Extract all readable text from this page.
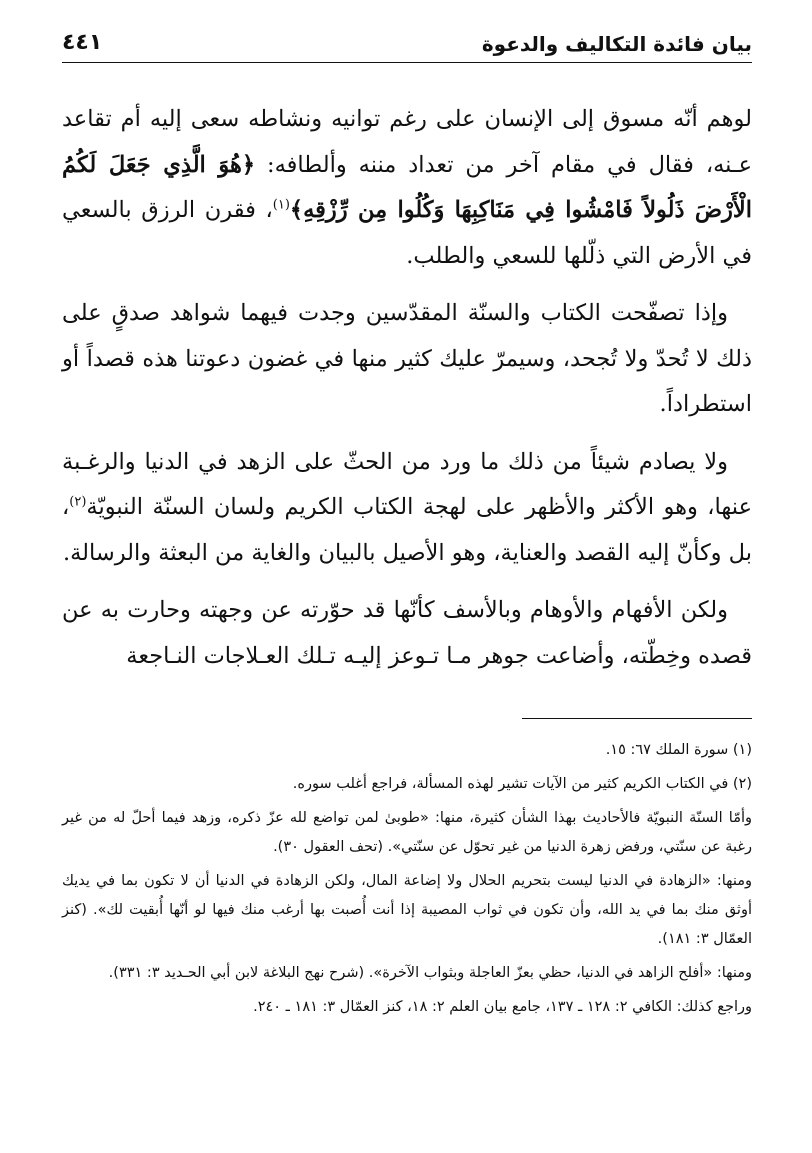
بيان فائدة التكاليف والدعوة
٤٤١

لوهم أنّه مسوق إلى الإنسان على رغم توانيه ونشاطه سعى إليه أم تقاعد عـنه، فقال في مقام آخر من تعداد مننه وألطافه: ﴿هُوَ الَّذِي جَعَلَ لَكُمُ الْأَرْضَ ذَلُولاً فَامْشُوا فِي مَنَاكِبِهَا وَكُلُوا مِن رِّزْقِهِ﴾$^{(١)}$، فقرن الرزق بالسعي في الأرض التي ذلّلها للسعي والطلب.

وإذا تصفّحت الكتاب والسنّة المقدّسين وجدت فيهما شواهد صدقٍ على ذلك لا تُحدّ ولا تُجحد، وسيمرّ عليك كثير منها في غضون دعوتنا هذه قصداً أو استطراداً.

ولا يصادم شيئاً من ذلك ما ورد من الحثّ على الزهد في الدنيا والرغـبة عنها، وهو الأكثر والأظهر على لهجة الكتاب الكريم ولسان السنّة النبويّة$^{(٢)}$، بل وكأنّ إليه القصد والعناية، وهو الأصيل بالبيان والغاية من البعثة والرسالة.

ولكن الأفهام والأوهام وبالأسف كأنّها قد حوّرته عن وجهته وحارت به عن قصده وخِطّته، وأضاعت جوهر مـا تـوعز إليـه تـلك العـلاجات النـاجعة

(١) سورة الملك ٦٧: ١٥.

(٢) في الكتاب الكريم كثير من الآيات تشير لهذه المسألة، فراجع أغلب سوره.

وأمّا السنّة النبويّة فالأحاديث بهذا الشأن كثيرة، منها: «طوبىٰ لمن تواضع لله عزّ ذكره، وزهد فيما أحلّ له من غير رغبة عن سنّتي، ورفض زهرة الدنيا من غير تحوّل عن سنّتي». (تحف العقول ٣٠).

ومنها: «الزهادة في الدنيا ليست بتحريم الحلال ولا إضاعة المال، ولكن الزهادة في الدنيا أن لا تكون بما في يديك أوثق منك بما في يد الله، وأن تكون في ثواب المصيبة إذا أنت أُصبت بها أرغب منك فيها لو أنّها أُبقيت لك». (كنز العمّال ٣: ١٨١).

ومنها: «أفلح الزاهد في الدنيا، حظي بعزّ العاجلة وبثواب الآخرة». (شرح نهج البلاغة لابن أبي الحـديد ٣: ٣٣١).

وراجع كذلك: الكافي ٢: ١٢٨ ـ ١٣٧، جامع بيان العلم ٢: ١٨، كنز العمّال ٣: ١٨١ ـ ٢٤٠.
